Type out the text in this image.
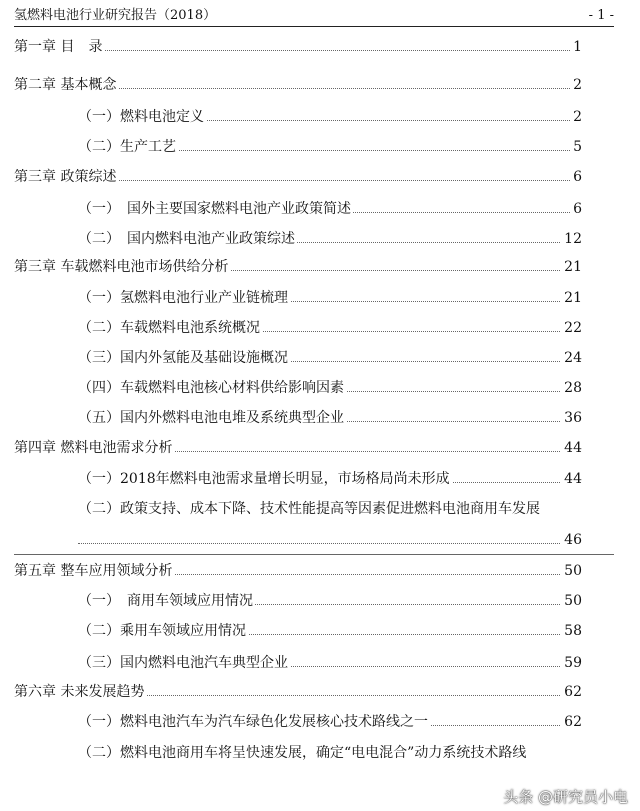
氢燃料电池行业研究报告（2018）	- 1 -
第一章 目　录	1
第二章 基本概念	2
（一）燃料电池定义	2
（二）生产工艺	5
第三章 政策综述	6
（一）　国外主要国家燃料电池产业政策简述	6
（二）　国内燃料电池产业政策综述	12
第三章 车载燃料电池市场供给分析	21
（一）氢燃料电池行业产业链梳理	21
（二）车载燃料电池系统概况	22
（三）国内外氢能及基础设施概况	24
（四）车载燃料电池核心材料供给影响因素	28
（五）国内外燃料电池电堆及系统典型企业	36
第四章 燃料电池需求分析	44
（一）2018年燃料电池需求量增长明显，市场格局尚未形成	44
（二）政策支持、成本下降、技术性能提高等因素促进燃料电池商用车发展
46
第五章 整车应用领域分析	50
（一）　商用车领域应用情况	50
（二）乘用车领域应用情况	58
（三）国内燃料电池汽车典型企业	59
第六章 未来发展趋势	62
（一）燃料电池汽车为汽车绿色化发展核心技术路线之一	62
（二）燃料电池商用车将呈快速发展，确定“电电混合”动力系统技术路线
头条 @研究员小电
